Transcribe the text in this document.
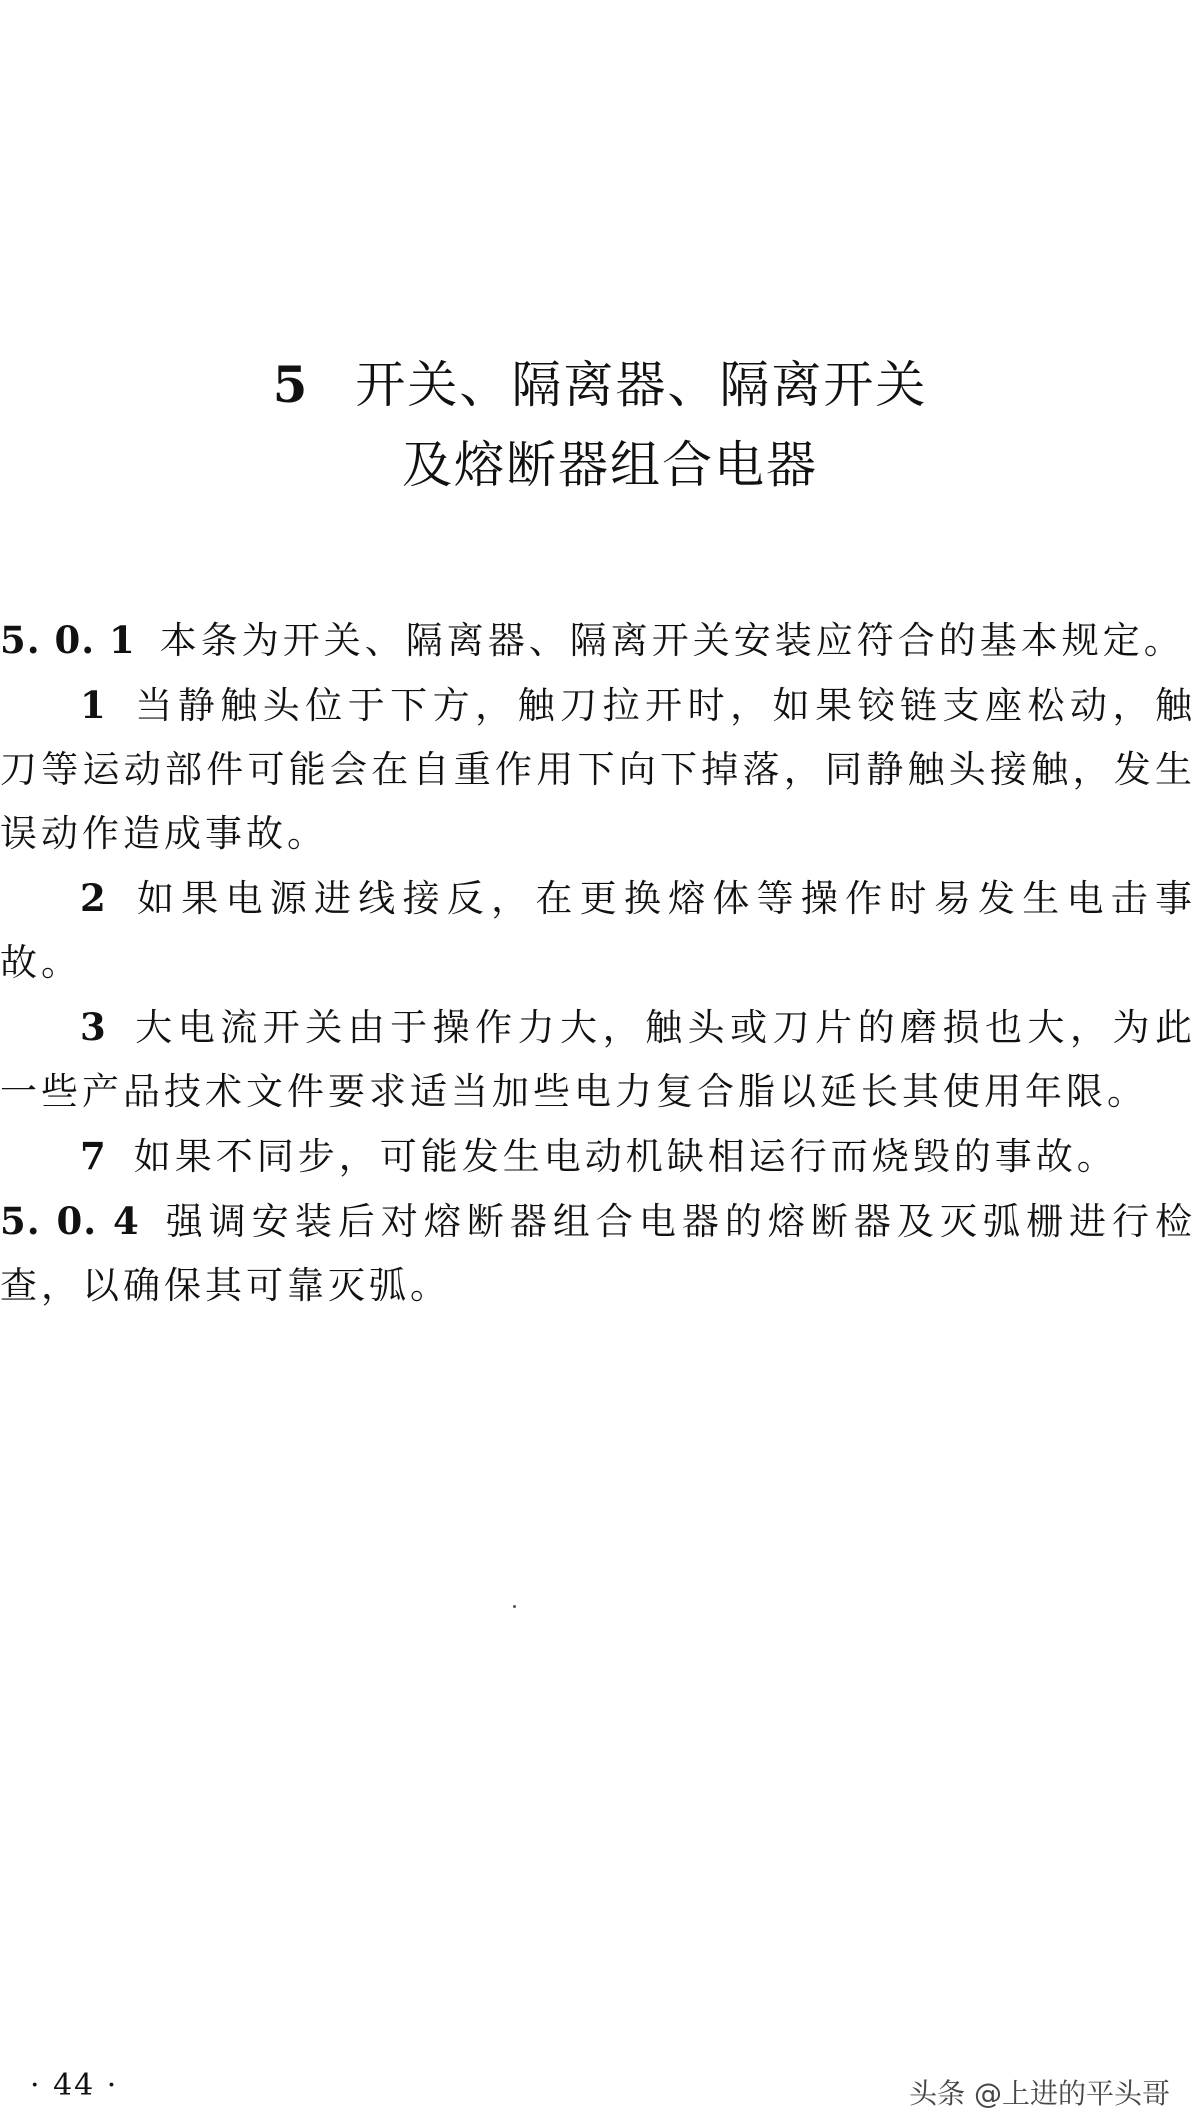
5 开关、隔离器、隔离开关
及熔断器组合电器

5. 0. 1 本条为开关、隔离器、隔离开关安装应符合的基本规定。

1 当静触头位于下方，触刀拉开时，如果铰链支座松动，触刀等运动部件可能会在自重作用下向下掉落，同静触头接触，发生误动作造成事故。

2 如果电源进线接反，在更换熔体等操作时易发生电击事故。

3 大电流开关由于操作力大，触头或刀片的磨损也大，为此一些产品技术文件要求适当加些电力复合脂以延长其使用年限。

7 如果不同步，可能发生电动机缺相运行而烧毁的事故。

5. 0. 4 强调安装后对熔断器组合电器的熔断器及灭弧栅进行检查，以确保其可靠灭弧。

· 44 ·	头条 @上进的平头哥
